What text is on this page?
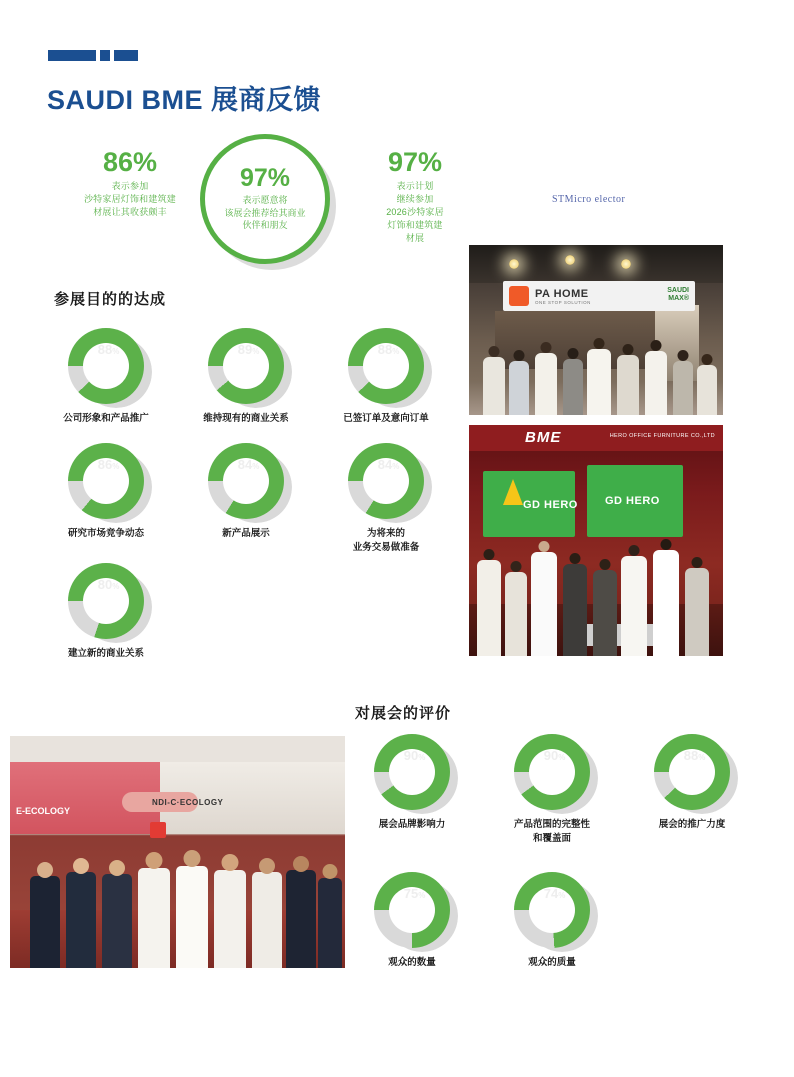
SAUDI BME 展商反馈
86%
表示参加
沙特家居灯饰和建筑建
材展让其收获颇丰
97%
表示愿意将
该展会推荐给其商业
伙伴和朋友
97%
表示计划
继续参加
2026沙特家居
灯饰和建筑建
材展
STMicro elector
参展目的的达成
对展会的评价
88%
公司形象和产品推广
89%
维持现有的商业关系
88%
已签订单及意向订单
86%
研究市场竞争动态
84%
新产品展示
84%
为将来的
业务交易做准备
80%
建立新的商业关系
90%
展会品牌影响力
90%
产品范围的完整性
和覆盖面
88%
展会的推广力度
75%
观众的数量
74%
观众的质量
PA HOME
ONE STOP SOLUTION
SAUDI
MAX®
BME	HERO OFFICE FURNITURE CO.,LTD
GD HERO GD HERO
E-ECOLOGY
NDI-C·ECOLOGY
